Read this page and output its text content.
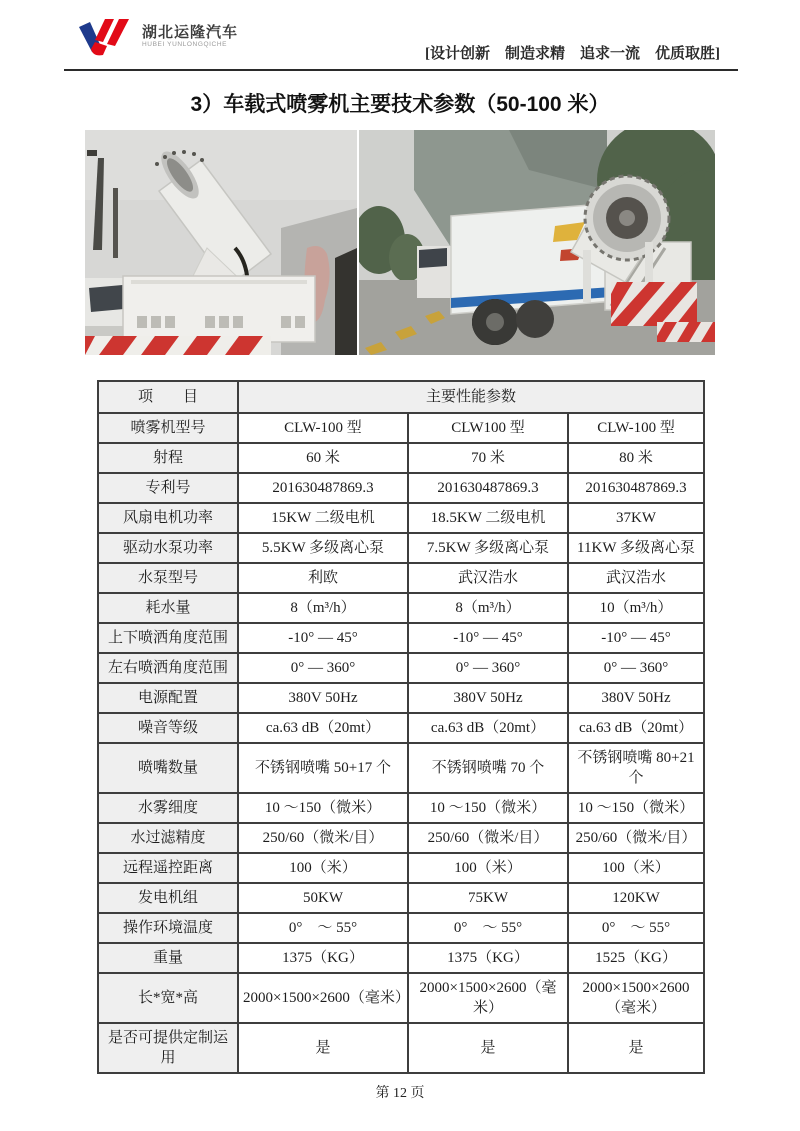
湖北运隆汽车
HUBEI YUNLONGQICHE
[设计创新　制造求精　追求一流　优质取胜]
3）车载式喷雾机主要技术参数（50-100 米）
项　　目	主要性能参数		
喷雾机型号	CLW-100 型	CLW100 型	CLW-100 型
射程	60 米	70 米	80 米
专利号	201630487869.3	201630487869.3	201630487869.3
风扇电机功率	15KW 二级电机	18.5KW 二级电机	37KW
驱动水泵功率	5.5KW 多级离心泵	7.5KW 多级离心泵	11KW 多级离心泵
水泵型号	利欧	武汉浩水	武汉浩水
耗水量	8（m³/h）	8（m³/h）	10（m³/h）
上下喷洒角度范围	-10° — 45°	-10° — 45°	-10° — 45°
左右喷洒角度范围	0° — 360°	0° — 360°	0° — 360°
电源配置	380V 50Hz	380V 50Hz	380V 50Hz
噪音等级	ca.63 dB（20mt）	ca.63 dB（20mt）	ca.63 dB（20mt）
喷嘴数量	不锈钢喷嘴 50+17 个	不锈钢喷嘴 70 个	不锈钢喷嘴 80+21 个
水雾细度	10 ～150（微米）	10 ～150（微米）	10 ～150（微米）
水过滤精度	250/60（微米/目）	250/60（微米/目）	250/60（微米/目）
远程遥控距离	100（米）	100（米）	100（米）
发电机组	50KW	75KW	120KW
操作环境温度	0°　～ 55°	0°　～ 55°	0°　～ 55°
重量	1375（KG）	1375（KG）	1525（KG）
长*宽*高	2000×1500×2600（毫米）	2000×1500×2600（毫米）	2000×1500×2600（毫米）
是否可提供定制运用	是	是	是
第 12 页
